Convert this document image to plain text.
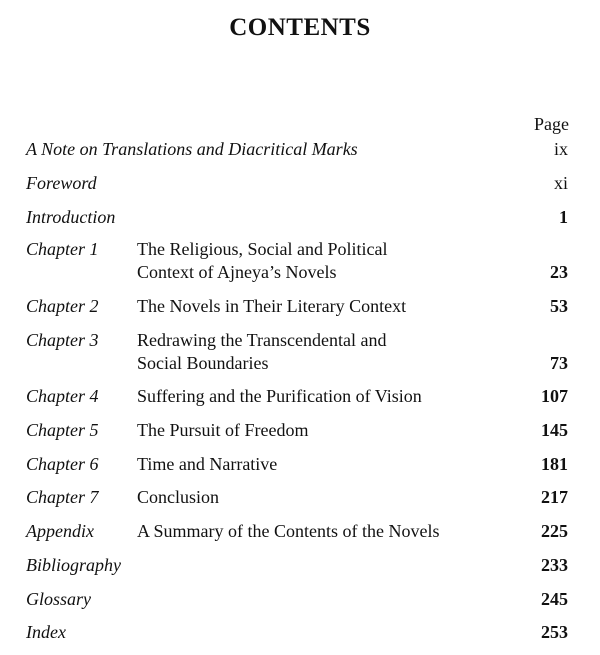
CONTENTS
Page
A Note on Translations and Diacritical Marks	ix
Foreword	xi
Introduction	1
Chapter 1 The Religious, Social and Political
Context of Ajneya’s Novels	23
Chapter 2 The Novels in Their Literary Context	53
Chapter 3 Redrawing the Transcendental and
Social Boundaries	73
Chapter 4 Suffering and the Purification of Vision	107
Chapter 5 The Pursuit of Freedom	145
Chapter 6 Time and Narrative	181
Chapter 7 Conclusion	217
Appendix A Summary of the Contents of the Novels	225
Bibliography	233
Glossary	245
Index	253
